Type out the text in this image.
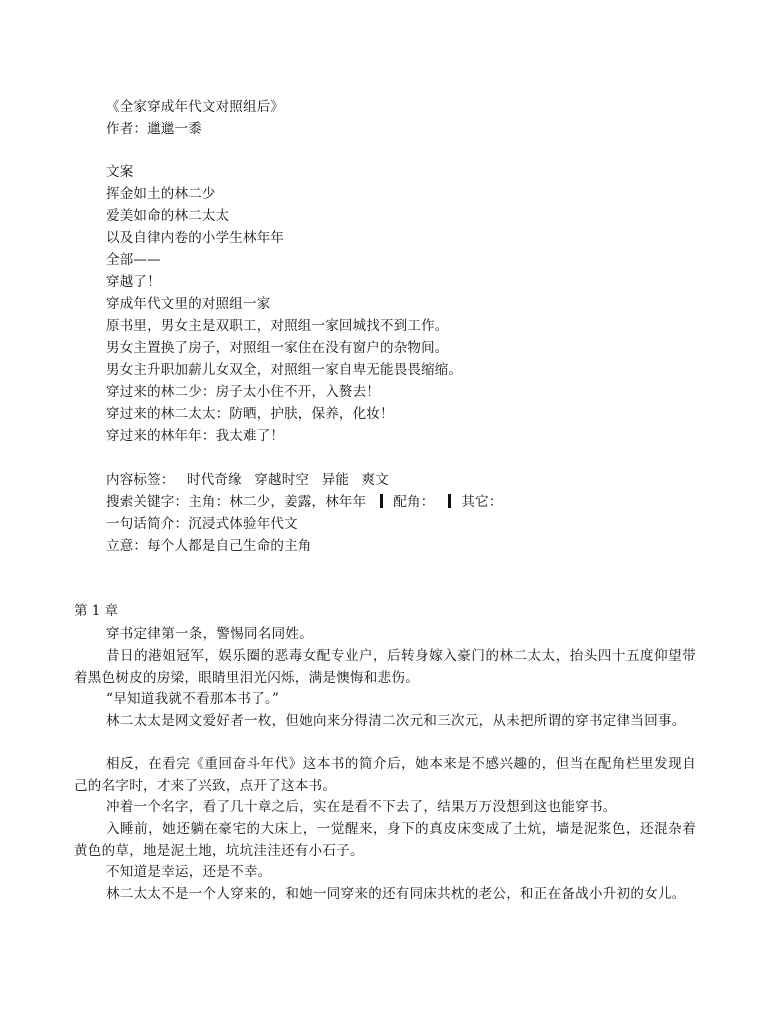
《全家穿成年代文对照组后》
作者：邋邋一黍
文案
挥金如土的林二少
爱美如命的林二太太
以及自律内卷的小学生林年年
全部——
穿越了！
穿成年代文里的对照组一家
原书里，男女主是双职工，对照组一家回城找不到工作。
男女主置换了房子，对照组一家住在没有窗户的杂物间。
男女主升职加薪儿女双全，对照组一家自卑无能畏畏缩缩。
穿过来的林二少：房子太小住不开，入赘去！
穿过来的林二太太：防晒，护肤，保养，化妆！
穿过来的林年年：我太难了！
内容标签： 时代奇缘 穿越时空 异能 爽文
搜索关键字：主角：林二少，姜露，林年年 配角： 其它：
一句话简介：沉浸式体验年代文
立意：每个人都是自己生命的主角
第 1 章
穿书定律第一条，警惕同名同姓。
昔日的港姐冠军，娱乐圈的恶毒女配专业户，后转身嫁入豪门的林二太太，抬头四十五度仰望带着黑色树皮的房梁，眼睛里泪光闪烁，满是懊悔和悲伤。
“早知道我就不看那本书了。”
林二太太是网文爱好者一枚，但她向来分得清二次元和三次元，从未把所谓的穿书定律当回事。
相反，在看完《重回奋斗年代》这本书的简介后，她本来是不感兴趣的，但当在配角栏里发现自己的名字时，才来了兴致，点开了这本书。
冲着一个名字，看了几十章之后，实在是看不下去了，结果万万没想到这也能穿书。
入睡前，她还躺在豪宅的大床上，一觉醒来，身下的真皮床变成了土炕，墙是泥浆色，还混杂着黄色的草，地是泥土地，坑坑洼洼还有小石子。
不知道是幸运，还是不幸。
林二太太不是一个人穿来的，和她一同穿来的还有同床共枕的老公，和正在备战小升初的女儿。
